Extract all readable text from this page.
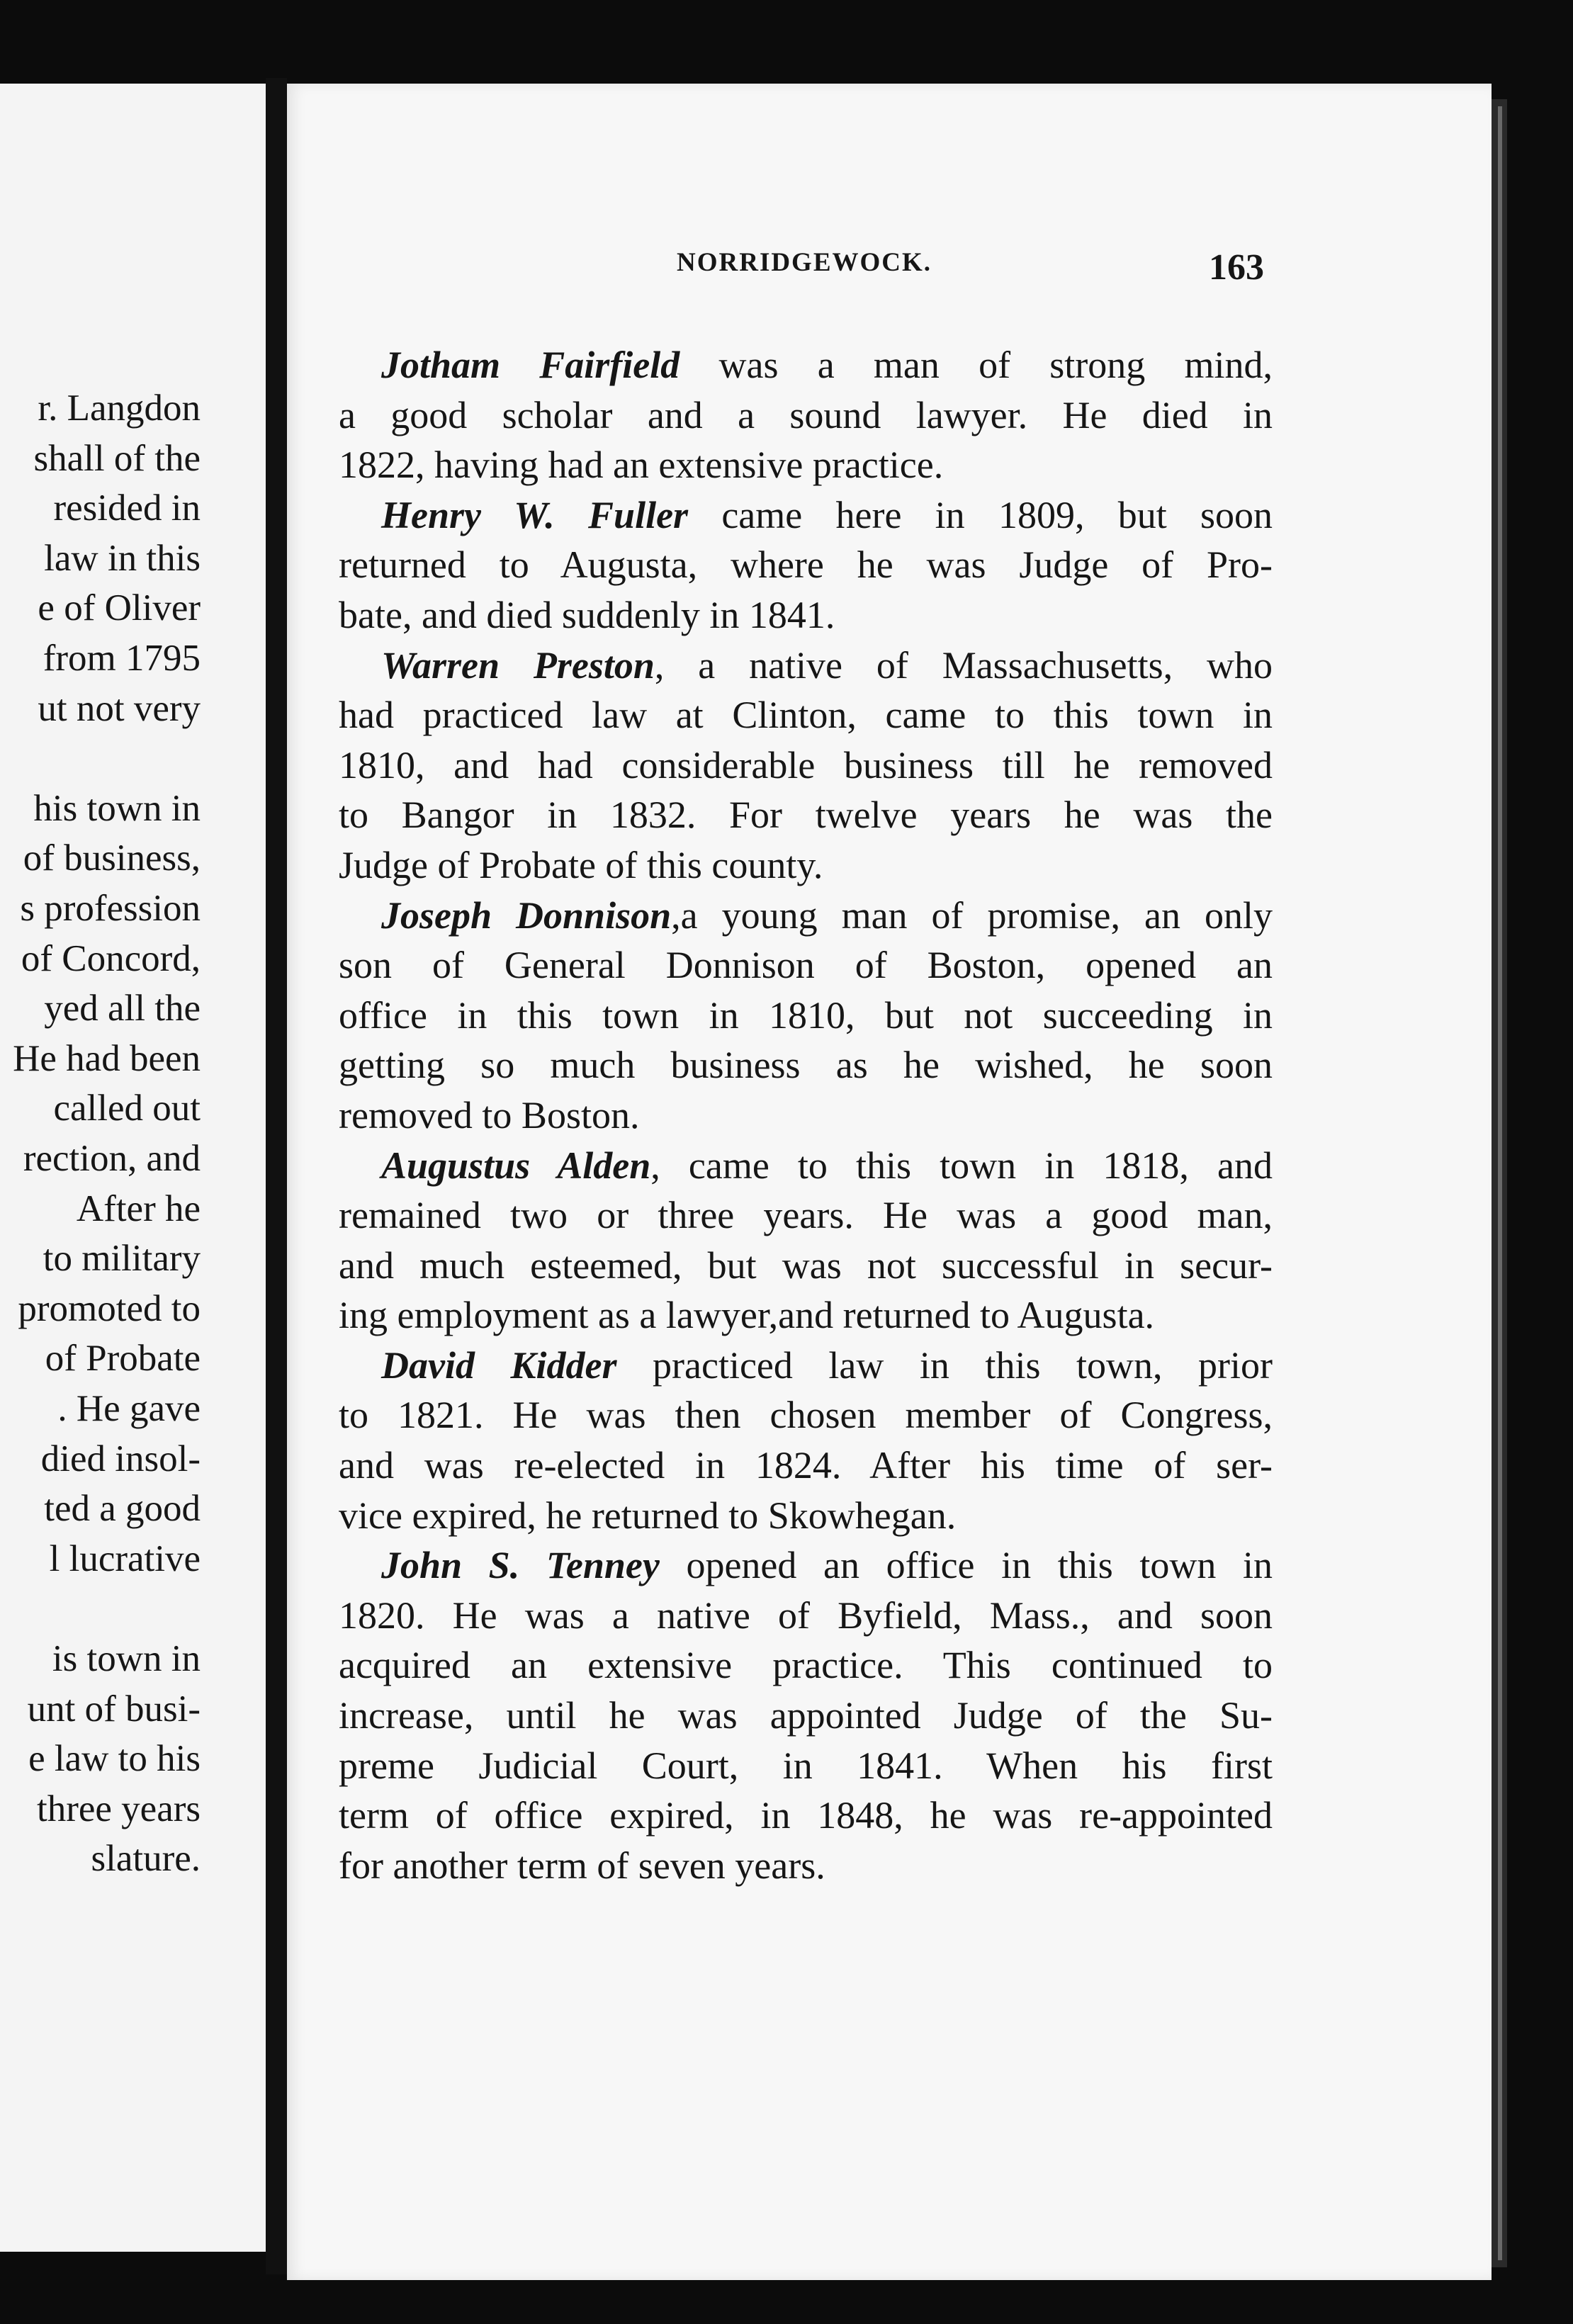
r. Langdon
shall of the
resided in
law in this
e of Oliver
from 1795
ut not very
his town in
of business,
s profession
of Concord,
yed all the
He had been
called out
rection, and
After he
to military
promoted to
of Probate
. He gave
died insol-
ted a good
l lucrative
is town in
unt of busi-
e law to his
three years
slature.
NORRIDGEWOCK.	163
Jotham Fairfield was a man of strong mind,
a good scholar and a sound lawyer. He died in
1822, having had an extensive practice.
Henry W. Fuller came here in 1809, but soon
returned to Augusta, where he was Judge of Pro-
bate, and died suddenly in 1841.
Warren Preston, a native of Massachusetts, who
had practiced law at Clinton, came to this town in
1810, and had considerable business till he removed
to Bangor in 1832. For twelve years he was the
Judge of Probate of this county.
Joseph Donnison,a young man of promise, an only
son of General Donnison of Boston, opened an
office in this town in 1810, but not succeeding in
getting so much business as he wished, he soon
removed to Boston.
Augustus Alden, came to this town in 1818, and
remained two or three years. He was a good man,
and much esteemed, but was not successful in secur-
ing employment as a lawyer,and returned to Augusta.
David Kidder practiced law in this town, prior
to 1821. He was then chosen member of Congress,
and was re-elected in 1824. After his time of ser-
vice expired, he returned to Skowhegan.
John S. Tenney opened an office in this town in
1820. He was a native of Byfield, Mass., and soon
acquired an extensive practice. This continued to
increase, until he was appointed Judge of the Su-
preme Judicial Court, in 1841. When his first
term of office expired, in 1848, he was re-appointed
for another term of seven years.
